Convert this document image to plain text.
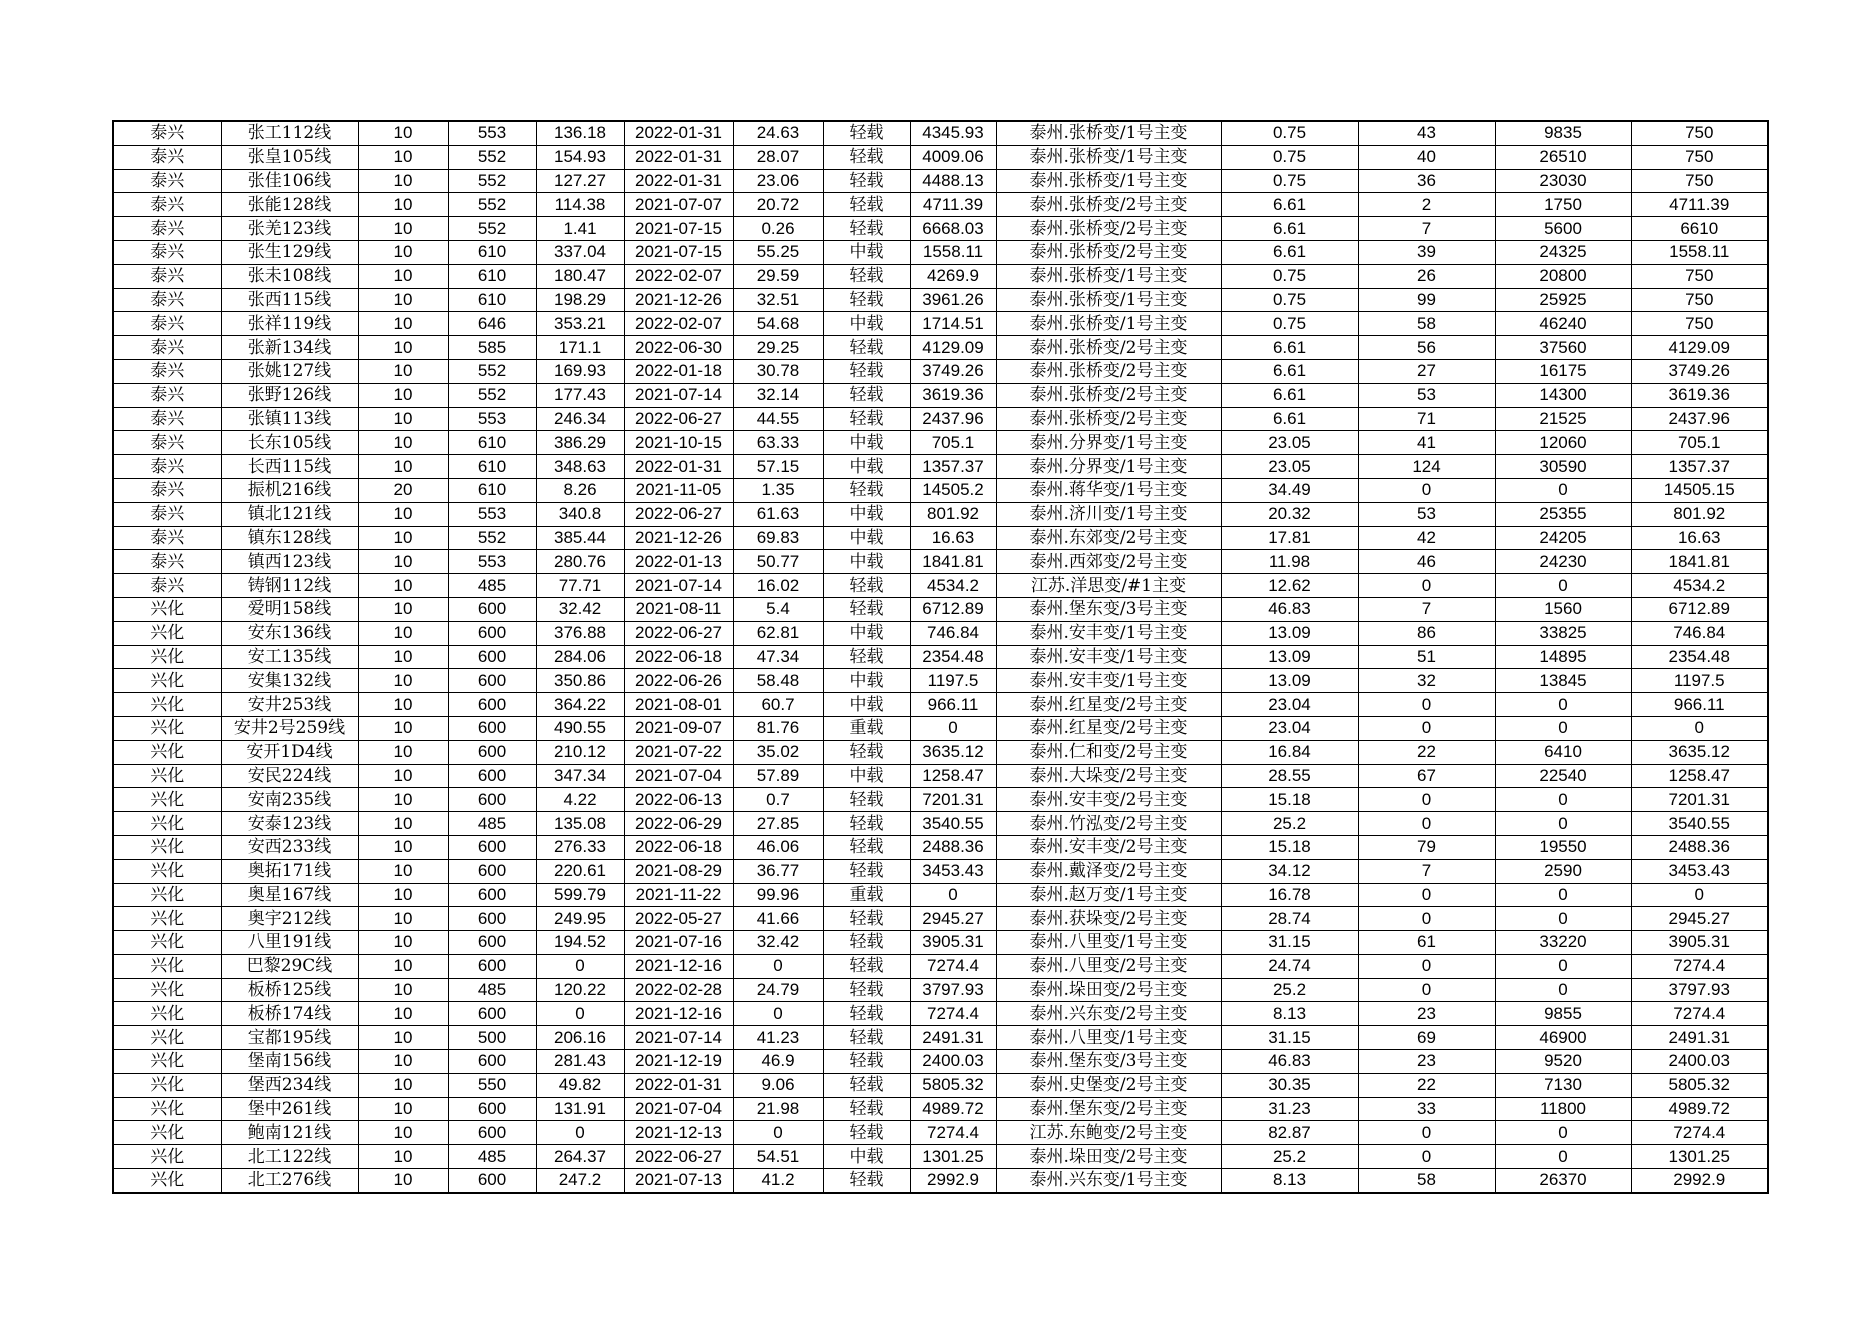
泰兴	张工112线	10	553	136.18	2022-01-31	24.63	轻载	4345.93	泰州.张桥变/1号主变	0.75	43	9835	750
泰兴	张皇105线	10	552	154.93	2022-01-31	28.07	轻载	4009.06	泰州.张桥变/1号主变	0.75	40	26510	750
泰兴	张佳106线	10	552	127.27	2022-01-31	23.06	轻载	4488.13	泰州.张桥变/1号主变	0.75	36	23030	750
泰兴	张能128线	10	552	114.38	2021-07-07	20.72	轻载	4711.39	泰州.张桥变/2号主变	6.61	2	1750	4711.39
泰兴	张羌123线	10	552	1.41	2021-07-15	0.26	轻载	6668.03	泰州.张桥变/2号主变	6.61	7	5600	6610
泰兴	张生129线	10	610	337.04	2021-07-15	55.25	中载	1558.11	泰州.张桥变/2号主变	6.61	39	24325	1558.11
泰兴	张未108线	10	610	180.47	2022-02-07	29.59	轻载	4269.9	泰州.张桥变/1号主变	0.75	26	20800	750
泰兴	张西115线	10	610	198.29	2021-12-26	32.51	轻载	3961.26	泰州.张桥变/1号主变	0.75	99	25925	750
泰兴	张祥119线	10	646	353.21	2022-02-07	54.68	中载	1714.51	泰州.张桥变/1号主变	0.75	58	46240	750
泰兴	张新134线	10	585	171.1	2022-06-30	29.25	轻载	4129.09	泰州.张桥变/2号主变	6.61	56	37560	4129.09
泰兴	张姚127线	10	552	169.93	2022-01-18	30.78	轻载	3749.26	泰州.张桥变/2号主变	6.61	27	16175	3749.26
泰兴	张野126线	10	552	177.43	2021-07-14	32.14	轻载	3619.36	泰州.张桥变/2号主变	6.61	53	14300	3619.36
泰兴	张镇113线	10	553	246.34	2022-06-27	44.55	轻载	2437.96	泰州.张桥变/2号主变	6.61	71	21525	2437.96
泰兴	长东105线	10	610	386.29	2021-10-15	63.33	中载	705.1	泰州.分界变/1号主变	23.05	41	12060	705.1
泰兴	长西115线	10	610	348.63	2022-01-31	57.15	中载	1357.37	泰州.分界变/1号主变	23.05	124	30590	1357.37
泰兴	振机216线	20	610	8.26	2021-11-05	1.35	轻载	14505.2	泰州.蒋华变/1号主变	34.49	0	0	14505.15
泰兴	镇北121线	10	553	340.8	2022-06-27	61.63	中载	801.92	泰州.济川变/1号主变	20.32	53	25355	801.92
泰兴	镇东128线	10	552	385.44	2021-12-26	69.83	中载	16.63	泰州.东郊变/2号主变	17.81	42	24205	16.63
泰兴	镇西123线	10	553	280.76	2022-01-13	50.77	中载	1841.81	泰州.西郊变/2号主变	11.98	46	24230	1841.81
泰兴	铸钢112线	10	485	77.71	2021-07-14	16.02	轻载	4534.2	江苏.洋思变/#1主变	12.62	0	0	4534.2
兴化	爱明158线	10	600	32.42	2021-08-11	5.4	轻载	6712.89	泰州.堡东变/3号主变	46.83	7	1560	6712.89
兴化	安东136线	10	600	376.88	2022-06-27	62.81	中载	746.84	泰州.安丰变/1号主变	13.09	86	33825	746.84
兴化	安工135线	10	600	284.06	2022-06-18	47.34	轻载	2354.48	泰州.安丰变/1号主变	13.09	51	14895	2354.48
兴化	安集132线	10	600	350.86	2022-06-26	58.48	中载	1197.5	泰州.安丰变/1号主变	13.09	32	13845	1197.5
兴化	安井253线	10	600	364.22	2021-08-01	60.7	中载	966.11	泰州.红星变/2号主变	23.04	0	0	966.11
兴化	安井2号259线	10	600	490.55	2021-09-07	81.76	重载	0	泰州.红星变/2号主变	23.04	0	0	0
兴化	安开1D4线	10	600	210.12	2021-07-22	35.02	轻载	3635.12	泰州.仁和变/2号主变	16.84	22	6410	3635.12
兴化	安民224线	10	600	347.34	2021-07-04	57.89	中载	1258.47	泰州.大垛变/2号主变	28.55	67	22540	1258.47
兴化	安南235线	10	600	4.22	2022-06-13	0.7	轻载	7201.31	泰州.安丰变/2号主变	15.18	0	0	7201.31
兴化	安泰123线	10	485	135.08	2022-06-29	27.85	轻载	3540.55	泰州.竹泓变/2号主变	25.2	0	0	3540.55
兴化	安西233线	10	600	276.33	2022-06-18	46.06	轻载	2488.36	泰州.安丰变/2号主变	15.18	79	19550	2488.36
兴化	奥拓171线	10	600	220.61	2021-08-29	36.77	轻载	3453.43	泰州.戴泽变/2号主变	34.12	7	2590	3453.43
兴化	奥星167线	10	600	599.79	2021-11-22	99.96	重载	0	泰州.赵万变/1号主变	16.78	0	0	0
兴化	奥宇212线	10	600	249.95	2022-05-27	41.66	轻载	2945.27	泰州.获垛变/2号主变	28.74	0	0	2945.27
兴化	八里191线	10	600	194.52	2021-07-16	32.42	轻载	3905.31	泰州.八里变/1号主变	31.15	61	33220	3905.31
兴化	巴黎29C线	10	600	0	2021-12-16	0	轻载	7274.4	泰州.八里变/2号主变	24.74	0	0	7274.4
兴化	板桥125线	10	485	120.22	2022-02-28	24.79	轻载	3797.93	泰州.垛田变/2号主变	25.2	0	0	3797.93
兴化	板桥174线	10	600	0	2021-12-16	0	轻载	7274.4	泰州.兴东变/2号主变	8.13	23	9855	7274.4
兴化	宝都195线	10	500	206.16	2021-07-14	41.23	轻载	2491.31	泰州.八里变/1号主变	31.15	69	46900	2491.31
兴化	堡南156线	10	600	281.43	2021-12-19	46.9	轻载	2400.03	泰州.堡东变/3号主变	46.83	23	9520	2400.03
兴化	堡西234线	10	550	49.82	2022-01-31	9.06	轻载	5805.32	泰州.史堡变/2号主变	30.35	22	7130	5805.32
兴化	堡中261线	10	600	131.91	2021-07-04	21.98	轻载	4989.72	泰州.堡东变/2号主变	31.23	33	11800	4989.72
兴化	鲍南121线	10	600	0	2021-12-13	0	轻载	7274.4	江苏.东鲍变/2号主变	82.87	0	0	7274.4
兴化	北工122线	10	485	264.37	2022-06-27	54.51	中载	1301.25	泰州.垛田变/2号主变	25.2	0	0	1301.25
兴化	北工276线	10	600	247.2	2021-07-13	41.2	轻载	2992.9	泰州.兴东变/1号主变	8.13	58	26370	2992.9
